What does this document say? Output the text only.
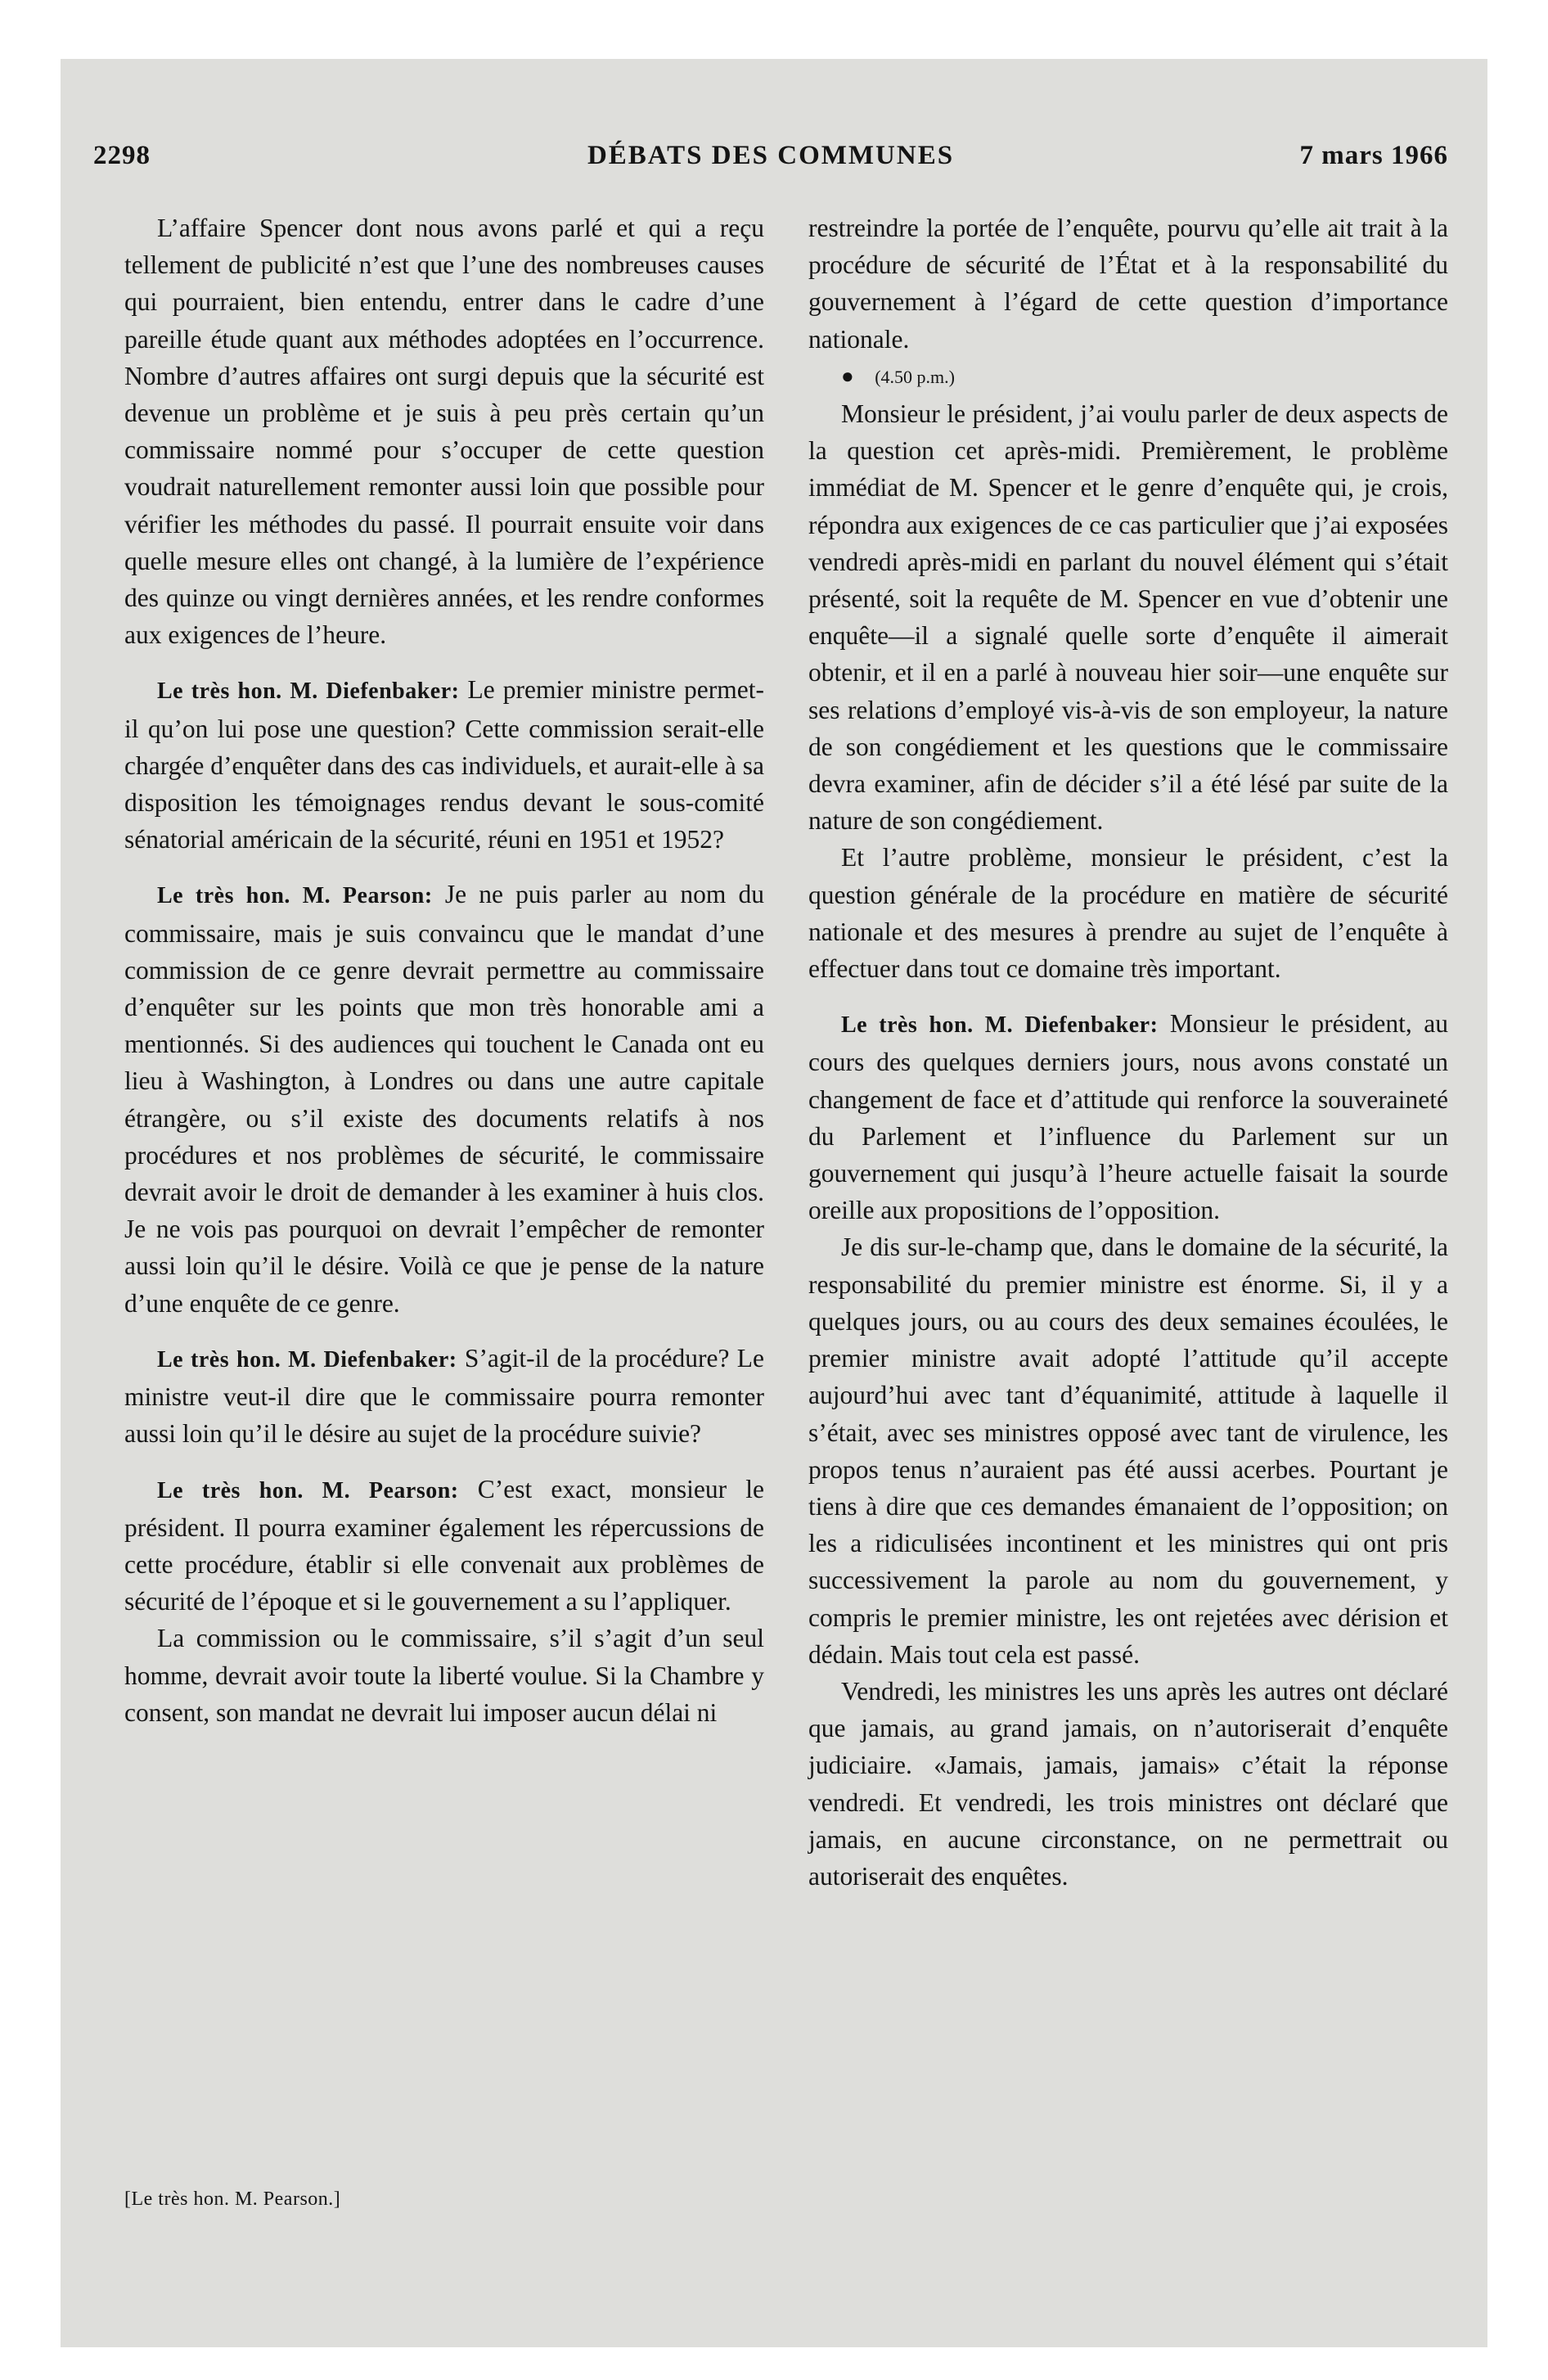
2298	DÉBATS DES COMMUNES	7 mars 1966

L’affaire Spencer dont nous avons parlé et qui a reçu tellement de publicité n’est que l’une des nombreuses causes qui pourraient, bien entendu, entrer dans le cadre d’une pareille étude quant aux méthodes adoptées en l’occurrence. Nombre d’autres affaires ont surgi depuis que la sécurité est devenue un problème et je suis à peu près certain qu’un commissaire nommé pour s’occuper de cette question voudrait naturellement remonter aussi loin que possible pour vérifier les méthodes du passé. Il pourrait ensuite voir dans quelle mesure elles ont changé, à la lumière de l’expérience des quinze ou vingt dernières années, et les rendre conformes aux exigences de l’heure.

Le très hon. M. Diefenbaker: Le premier ministre permet-il qu’on lui pose une question? Cette commission serait-elle chargée d’enquêter dans des cas individuels, et aurait-elle à sa disposition les témoignages rendus devant le sous-comité sénatorial américain de la sécurité, réuni en 1951 et 1952?

Le très hon. M. Pearson: Je ne puis parler au nom du commissaire, mais je suis convaincu que le mandat d’une commission de ce genre devrait permettre au commissaire d’enquêter sur les points que mon très honorable ami a mentionnés. Si des audiences qui touchent le Canada ont eu lieu à Washington, à Londres ou dans une autre capitale étrangère, ou s’il existe des documents relatifs à nos procédures et nos problèmes de sécurité, le commissaire devrait avoir le droit de demander à les examiner à huis clos. Je ne vois pas pourquoi on devrait l’empêcher de remonter aussi loin qu’il le désire. Voilà ce que je pense de la nature d’une enquête de ce genre.

Le très hon. M. Diefenbaker: S’agit-il de la procédure? Le ministre veut-il dire que le commissaire pourra remonter aussi loin qu’il le désire au sujet de la procédure suivie?

Le très hon. M. Pearson: C’est exact, monsieur le président. Il pourra examiner également les répercussions de cette procédure, établir si elle convenait aux problèmes de sécurité de l’époque et si le gouvernement a su l’appliquer.

La commission ou le commissaire, s’il s’agit d’un seul homme, devrait avoir toute la liberté voulue. Si la Chambre y consent, son mandat ne devrait lui imposer aucun délai ni

[Le très hon. M. Pearson.]

restreindre la portée de l’enquête, pourvu qu’elle ait trait à la procédure de sécurité de l’État et à la responsabilité du gouvernement à l’égard de cette question d’importance nationale.

● (4.50 p.m.)

Monsieur le président, j’ai voulu parler de deux aspects de la question cet après-midi. Premièrement, le problème immédiat de M. Spencer et le genre d’enquête qui, je crois, répondra aux exigences de ce cas particulier que j’ai exposées vendredi après-midi en parlant du nouvel élément qui s’était présenté, soit la requête de M. Spencer en vue d’obtenir une enquête—il a signalé quelle sorte d’enquête il aimerait obtenir, et il en a parlé à nouveau hier soir—une enquête sur ses relations d’employé vis-à-vis de son employeur, la nature de son congédiement et les questions que le commissaire devra examiner, afin de décider s’il a été lésé par suite de la nature de son congédiement.

Et l’autre problème, monsieur le président, c’est la question générale de la procédure en matière de sécurité nationale et des mesures à prendre au sujet de l’enquête à effectuer dans tout ce domaine très important.

Le très hon. M. Diefenbaker: Monsieur le président, au cours des quelques derniers jours, nous avons constaté un changement de face et d’attitude qui renforce la souveraineté du Parlement et l’influence du Parlement sur un gouvernement qui jusqu’à l’heure actuelle faisait la sourde oreille aux propositions de l’opposition.

Je dis sur-le-champ que, dans le domaine de la sécurité, la responsabilité du premier ministre est énorme. Si, il y a quelques jours, ou au cours des deux semaines écoulées, le premier ministre avait adopté l’attitude qu’il accepte aujourd’hui avec tant d’équanimité, attitude à laquelle il s’était, avec ses ministres opposé avec tant de virulence, les propos tenus n’auraient pas été aussi acerbes. Pourtant je tiens à dire que ces demandes émanaient de l’opposition; on les a ridiculisées incontinent et les ministres qui ont pris successivement la parole au nom du gouvernement, y compris le premier ministre, les ont rejetées avec dérision et dédain. Mais tout cela est passé.

Vendredi, les ministres les uns après les autres ont déclaré que jamais, au grand jamais, on n’autoriserait d’enquête judiciaire. «Jamais, jamais, jamais» c’était la réponse vendredi. Et vendredi, les trois ministres ont déclaré que jamais, en aucune circonstance, on ne permettrait ou autoriserait des enquêtes.
